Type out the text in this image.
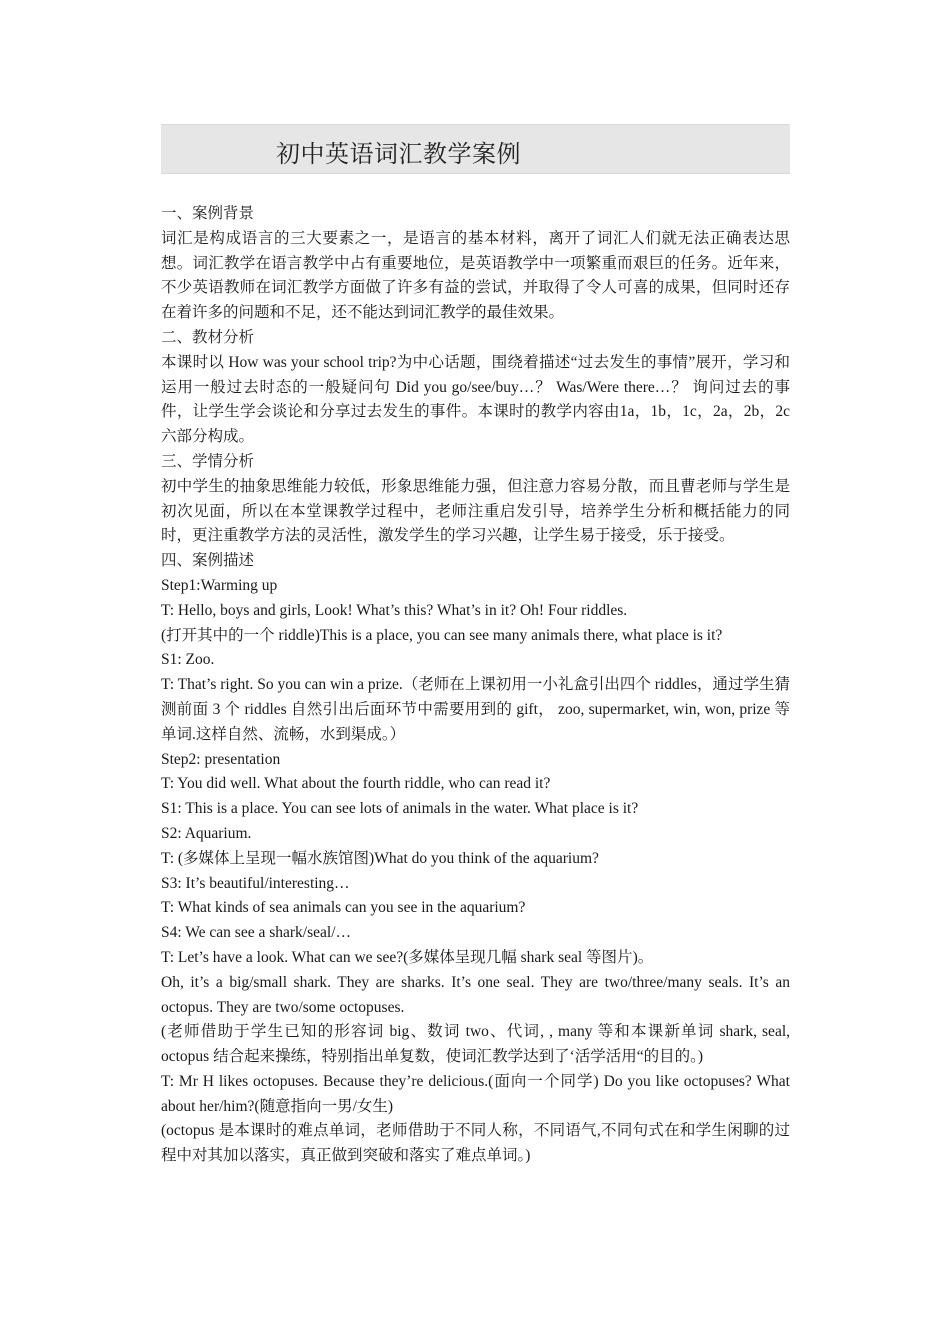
初中英语词汇教学案例

一、案例背景

词汇是构成语言的三大要素之一，是语言的基本材料，离开了词汇人们就无法正确表达思想。词汇教学在语言教学中占有重要地位，是英语教学中一项繁重而艰巨的任务。近年来，不少英语教师在词汇教学方面做了许多有益的尝试，并取得了令人可喜的成果，但同时还存在着许多的问题和不足，还不能达到词汇教学的最佳效果。

二、教材分析

本课时以 How was your school trip?为中心话题，围绕着描述“过去发生的事情”展开，学习和运用一般过去时态的一般疑问句 Did you go/see/buy…？ Was/Were there…？ 询问过去的事件，让学生学会谈论和分享过去发生的事件。本课时的教学内容由1a，1b，1c，2a，2b，2c 六部分构成。

三、学情分析

初中学生的抽象思维能力较低，形象思维能力强，但注意力容易分散，而且曹老师与学生是初次见面，所以在本堂课教学过程中，老师注重启发引导，培养学生分析和概括能力的同时，更注重教学方法的灵活性，激发学生的学习兴趣，让学生易于接受，乐于接受。

四、案例描述

Step1:Warming up

T: Hello, boys and girls, Look! What’s this? What’s in it? Oh! Four riddles.

(打开其中的一个 riddle)This is a place, you can see many animals there, what place is it?

S1: Zoo.

T: That’s right. So you can win a prize.（老师在上课初用一小礼盒引出四个 riddles，通过学生猜测前面 3 个 riddles 自然引出后面环节中需要用到的 gift， zoo, supermarket, win, won, prize 等单词.这样自然、流畅，水到渠成。）

Step2: presentation

T: You did well. What about the fourth riddle, who can read it?

S1: This is a place. You can see lots of animals in the water. What place is it?

S2: Aquarium.

T: (多媒体上呈现一幅水族馆图)What do you think of the aquarium?

S3: It’s beautiful/interesting…

T: What kinds of sea animals can you see in the aquarium?

S4: We can see a shark/seal/…

T: Let’s have a look. What can we see?(多媒体呈现几幅 shark seal 等图片)。

Oh, it’s a big/small shark. They are sharks. It’s one seal. They are two/three/many seals. It’s an octopus. They are two/some octopuses.

(老师借助于学生已知的形容词 big、数词 two、代词, , many 等和本课新单词 shark, seal, octopus 结合起来操练，特别指出单复数，使词汇教学达到了‘活学活用“的目的。)

T: Mr H likes octopuses. Because they’re delicious.(面向一个同学) Do you like octopuses? What about her/him?(随意指向一男/女生)

(octopus 是本课时的难点单词，老师借助于不同人称，不同语气,不同句式在和学生闲聊的过程中对其加以落实，真正做到突破和落实了难点单词。)
